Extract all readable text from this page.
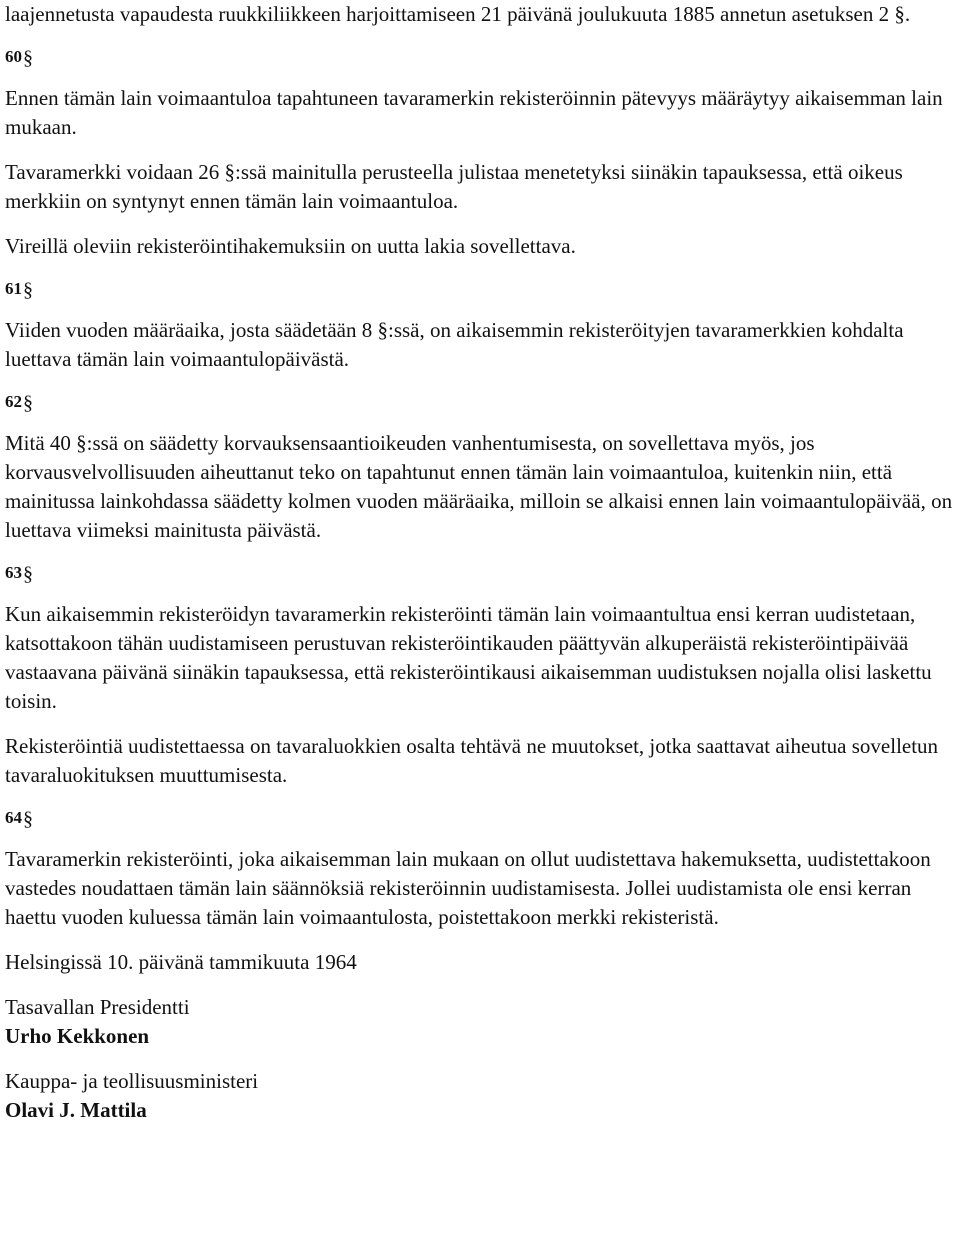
laajennetusta vapaudesta ruukkiliikkeen harjoittamiseen 21 päivänä joulukuuta 1885 annetun asetuksen 2 §.

60§

Ennen tämän lain voimaantuloa tapahtuneen tavaramerkin rekisteröinnin pätevyys määräytyy aikaisemman lain mukaan.

Tavaramerkki voidaan 26 §:ssä mainitulla perusteella julistaa menetetyksi siinäkin tapauksessa, että oikeus merkkiin on syntynyt ennen tämän lain voimaantuloa.

Vireillä oleviin rekisteröintihakemuksiin on uutta lakia sovellettava.

61§

Viiden vuoden määräaika, josta säädetään 8 §:ssä, on aikaisemmin rekisteröityjen tavaramerkkien kohdalta luettava tämän lain voimaantulopäivästä.

62§

Mitä 40 §:ssä on säädetty korvauksensaantioikeuden vanhentumisesta, on sovellettava myös, jos korvausvelvollisuuden aiheuttanut teko on tapahtunut ennen tämän lain voimaantuloa, kuitenkin niin, että mainitussa lainkohdassa säädetty kolmen vuoden määräaika, milloin se alkaisi ennen lain voimaantulopäivää, on luettava viimeksi mainitusta päivästä.

63§

Kun aikaisemmin rekisteröidyn tavaramerkin rekisteröinti tämän lain voimaantultua ensi kerran uudistetaan, katsottakoon tähän uudistamiseen perustuvan rekisteröintikauden päättyvän alkuperäistä rekisteröintipäivää vastaavana päivänä siinäkin tapauksessa, että rekisteröintikausi aikaisemman uudistuksen nojalla olisi laskettu toisin.

Rekisteröintiä uudistettaessa on tavaraluokkien osalta tehtävä ne muutokset, jotka saattavat aiheutua sovelletun tavaraluokituksen muuttumisesta.

64§

Tavaramerkin rekisteröinti, joka aikaisemman lain mukaan on ollut uudistettava hakemuksetta, uudistettakoon vastedes noudattaen tämän lain säännöksiä rekisteröinnin uudistamisesta. Jollei uudistamista ole ensi kerran haettu vuoden kuluessa tämän lain voimaantulosta, poistettakoon merkki rekisteristä.

Helsingissä 10. päivänä tammikuuta 1964

Tasavallan Presidentti

Urho Kekkonen

Kauppa- ja teollisuusministeri

Olavi J. Mattila
